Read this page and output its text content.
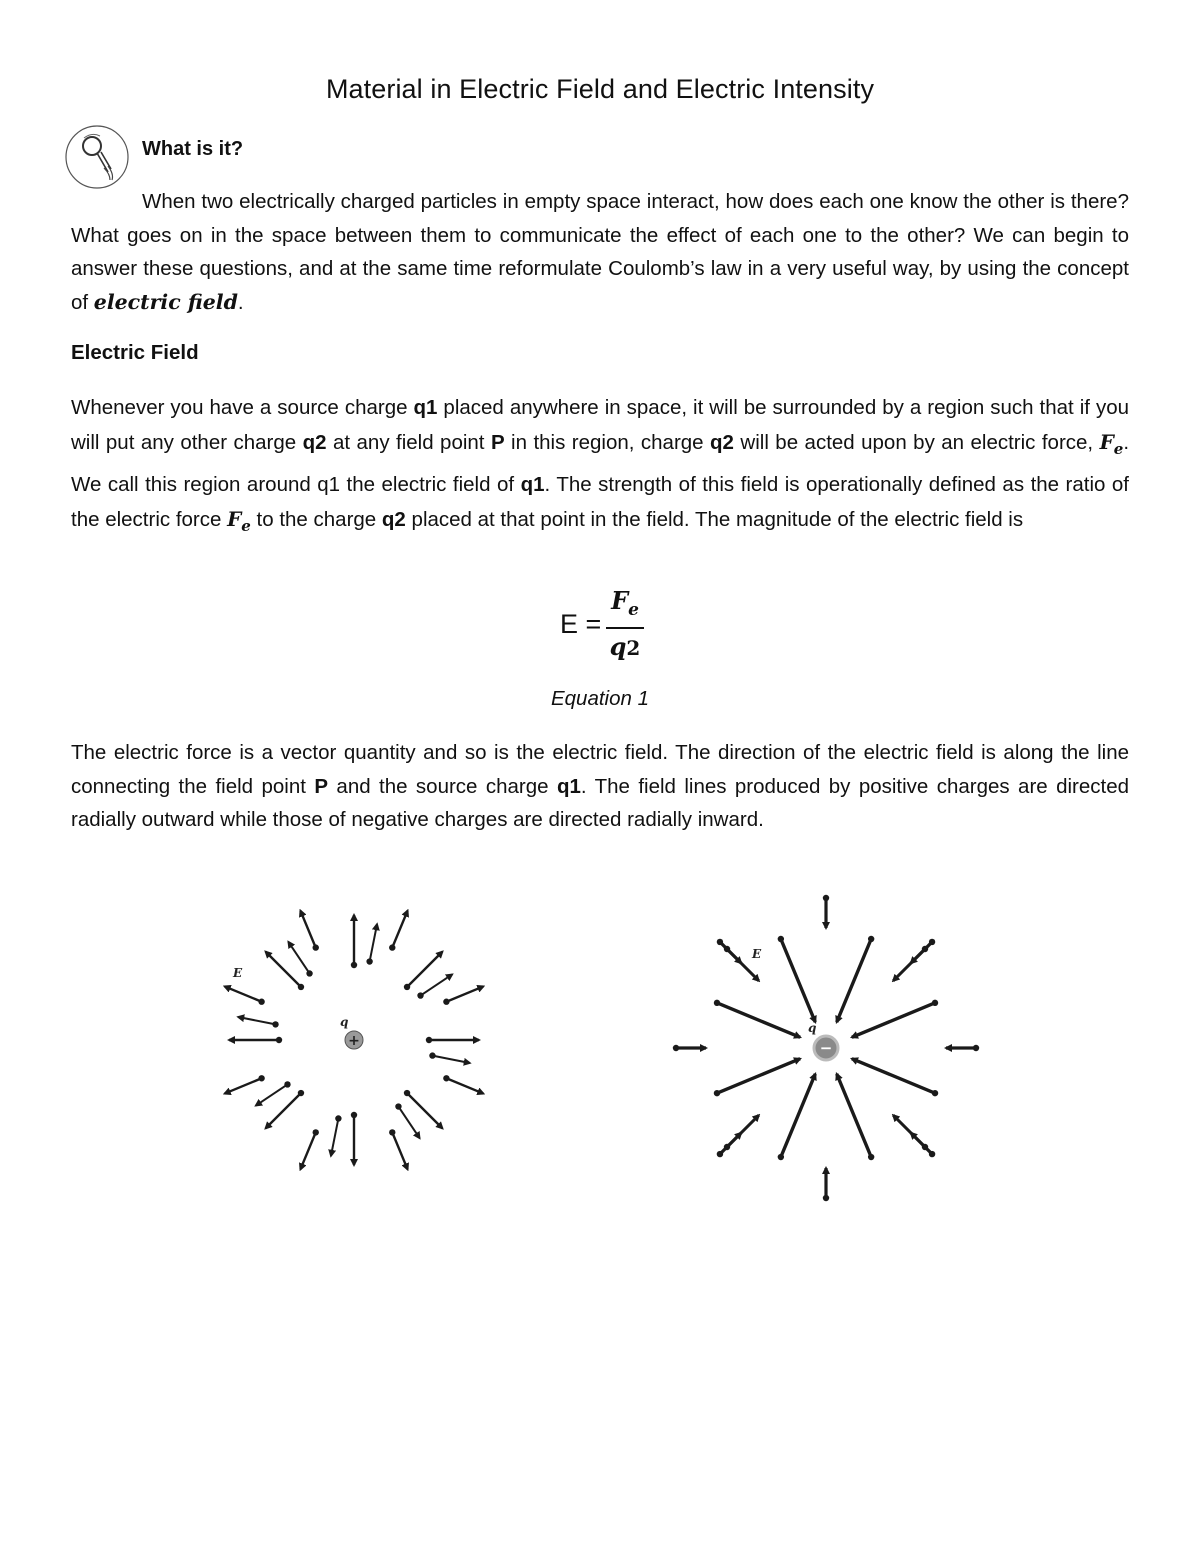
Material in Electric Field and Electric Intensity
What is it?

When two electrically charged particles in empty space interact, how does each one know the other is there? What goes on in the space between them to communicate the effect of each one to the other? We can begin to answer these questions, and at the same time reformulate Coulomb’s law in a very useful way, by using the concept of electric field.

Electric Field

Whenever you have a source charge q1 placed anywhere in space, it will be surrounded by a region such that if you will put any other charge q2 at any field point P in this region, charge q2 will be acted upon by an electric force, $F_e$. We call this region around q1 the electric field of q1. The strength of this field is operationally defined as the ratio of the electric force $F_e$ to the charge q2 placed at that point in the field. The magnitude of the electric field is

E =
$F_e$
q2
Equation 1

The electric force is a vector quantity and so is the electric field. The direction of the electric field is along the line connecting the field point P and the source charge q1. The field lines produced by positive charges are directed radially outward while those of negative charges are directed radially inward.

+
q
E
−
q
E
